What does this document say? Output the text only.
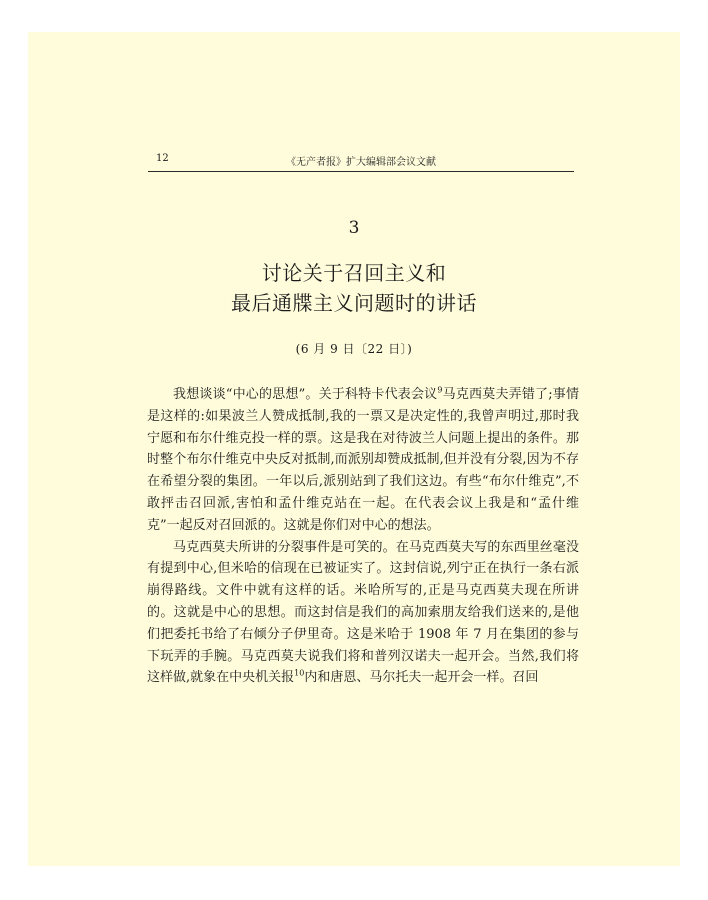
12	《无产者报》扩大编辑部会议文献
3
讨论关于召回主义和
最后通牒主义问题时的讲话
(6 月 9 日〔22 日〕)

我想谈谈“中心的思想”。关于科特卡代表会议$^9$马克西莫夫弄错了;事情是这样的:如果波兰人赞成抵制,我的一票又是决定性的,我曾声明过,那时我宁愿和布尔什维克投一样的票。这是我在对待波兰人问题上提出的条件。那时整个布尔什维克中央反对抵制,而派别却赞成抵制,但并没有分裂,因为不存在希望分裂的集团。一年以后,派别站到了我们这边。有些“布尔什维克”,不敢抨击召回派,害怕和孟什维克站在一起。在代表会议上我是和“孟什维克”一起反对召回派的。这就是你们对中心的想法。

马克西莫夫所讲的分裂事件是可笑的。在马克西莫夫写的东西里丝毫没有提到中心,但米哈的信现在已被证实了。这封信说,列宁正在执行一条右派崩得路线。文件中就有这样的话。米哈所写的,正是马克西莫夫现在所讲的。这就是中心的思想。而这封信是我们的高加索朋友给我们送来的,是他们把委托书给了右倾分子伊里奇。这是米哈于 1908 年 7 月在集团的参与下玩弄的手腕。马克西莫夫说我们将和普列汉诺夫一起开会。当然,我们将这样做,就象在中央机关报$^{10}$内和唐恩、马尔托夫一起开会一样。召回
